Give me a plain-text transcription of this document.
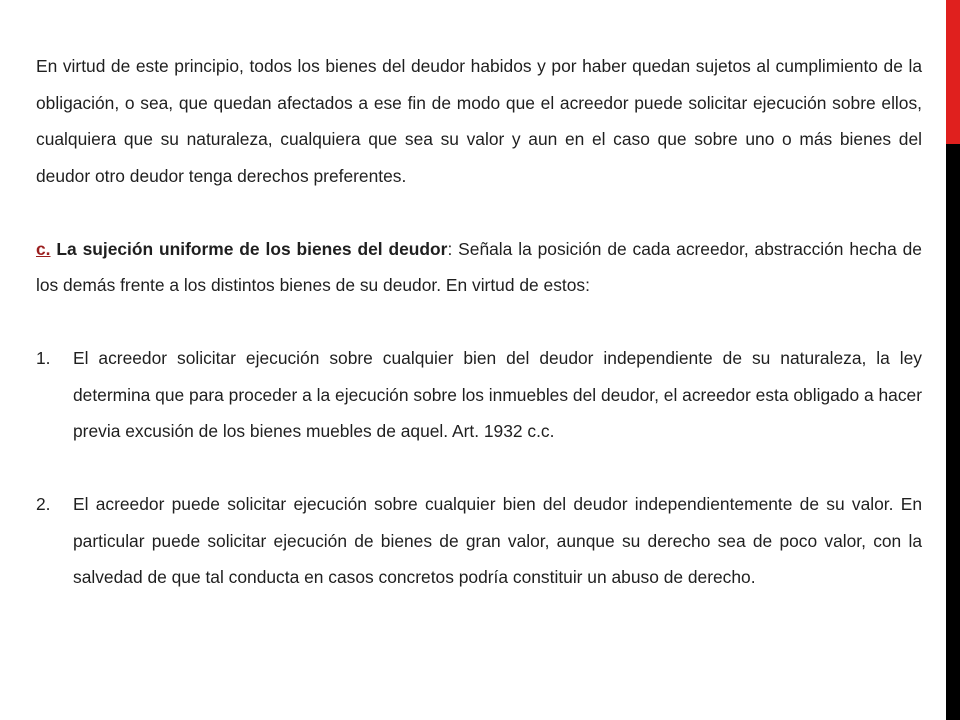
En virtud de este principio, todos los bienes del deudor habidos y por haber quedan sujetos al cumplimiento de la obligación, o sea, que quedan afectados a ese fin de modo que el acreedor puede solicitar ejecución sobre ellos, cualquiera que su naturaleza, cualquiera que sea su valor y aun en el caso que sobre uno o más bienes del deudor otro deudor tenga derechos preferentes.

c. La sujeción uniforme de los bienes del deudor: Señala la posición de cada acreedor, abstracción hecha de los demás frente a los distintos bienes de su deudor. En virtud de estos:

1.	El acreedor solicitar ejecución sobre cualquier bien del deudor independiente de su naturaleza, la ley determina que para proceder a la ejecución sobre los inmuebles del deudor, el acreedor esta obligado a hacer previa excusión de los bienes muebles de aquel. Art. 1932 c.c.
2.	El acreedor puede solicitar ejecución sobre cualquier bien del deudor independientemente de su valor. En particular puede solicitar ejecución de bienes de gran valor, aunque su derecho sea de poco valor, con la salvedad de que tal conducta en casos concretos podría constituir un abuso de derecho.
